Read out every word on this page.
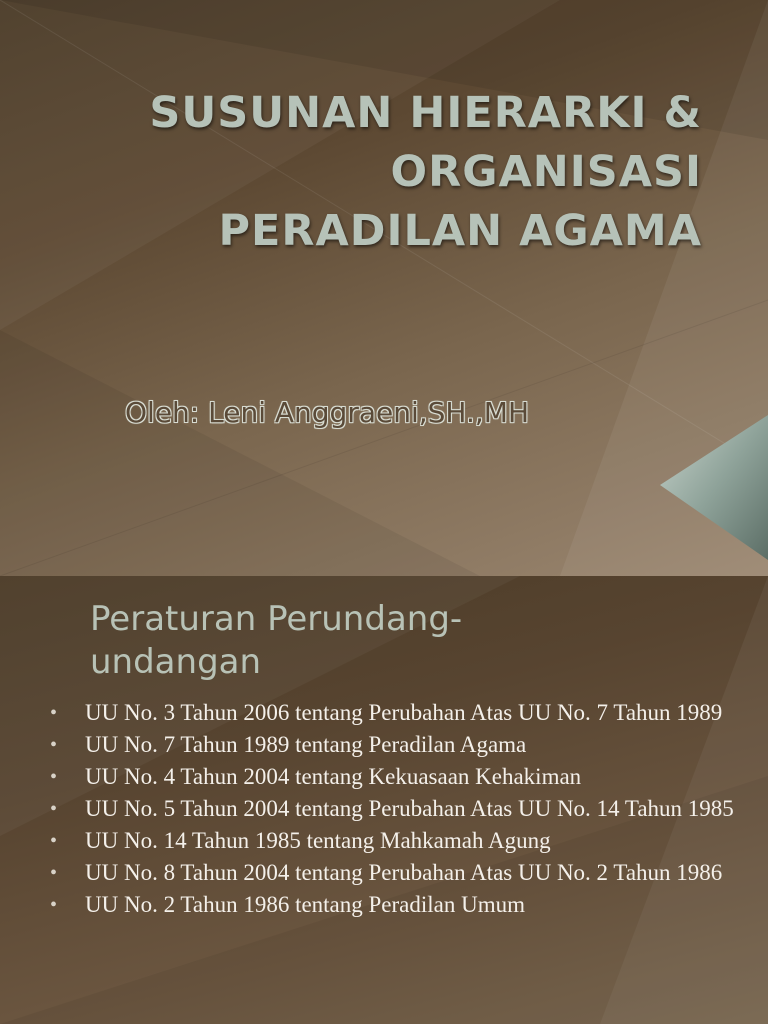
SUSUNAN HIERARKI &
ORGANISASI
PERADILAN AGAMA

Oleh: Leni Anggraeni,SH.,MH

Peraturan Perundang-
undangan
• UU No. 3 Tahun 2006 tentang Perubahan Atas UU No. 7 Tahun 1989
• UU No. 7 Tahun 1989 tentang Peradilan Agama
• UU No. 4 Tahun 2004 tentang Kekuasaan Kehakiman
• UU No. 5 Tahun 2004 tentang Perubahan Atas UU No. 14 Tahun 1985
• UU No. 14 Tahun 1985 tentang Mahkamah Agung
• UU No. 8 Tahun 2004 tentang Perubahan Atas UU No. 2 Tahun 1986
• UU No. 2 Tahun 1986 tentang Peradilan Umum
